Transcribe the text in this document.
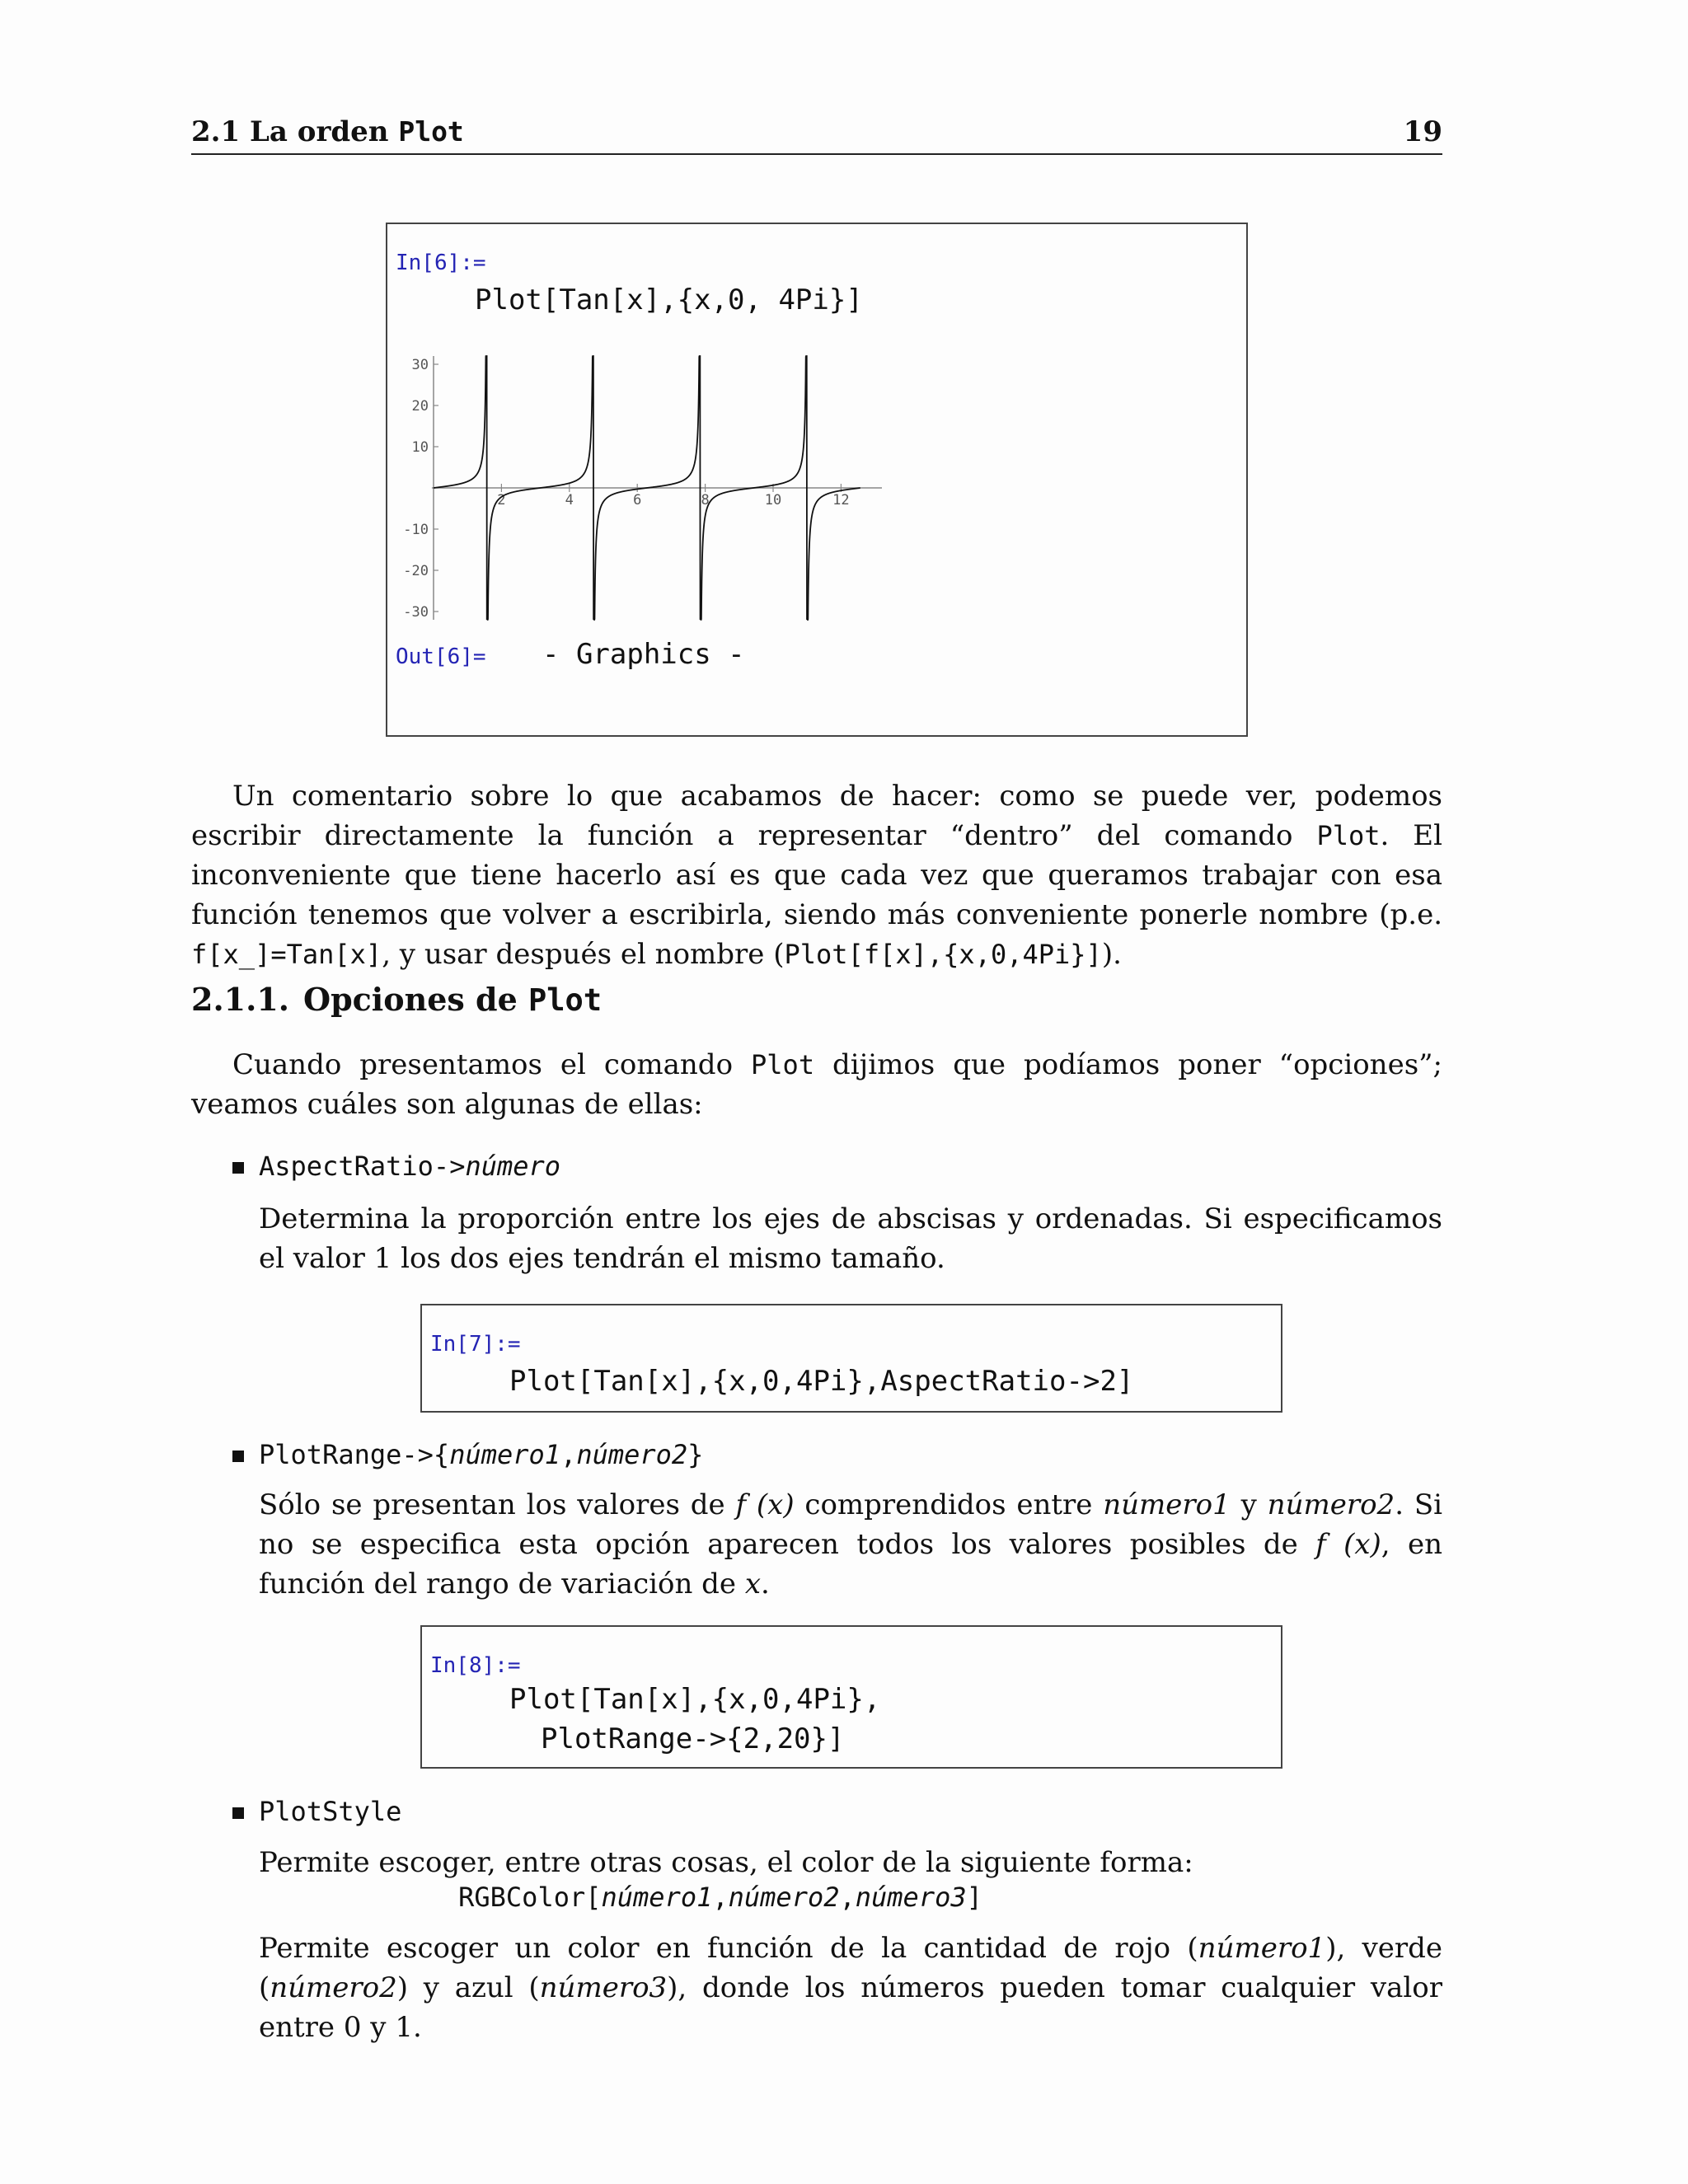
2.1 La orden Plot	19
In[6]:=
Plot[Tan[x],{x,0, 4Pi}]
2	4	6	8	10	12
30
20
10
-10
-20
-30
Out[6]= - Graphics -
Un comentario sobre lo que acabamos de hacer: como se puede ver, podemos escribir directamente la función a representar “dentro” del comando Plot. El inconveniente que tiene hacerlo así es que cada vez que queramos trabajar con esa función tenemos que volver a escribirla, siendo más conveniente ponerle nombre (p.e. f[x_]=Tan[x], y usar después el nombre (Plot[f[x],{x,0,4Pi}]).
2.1.1. Opciones de Plot
Cuando presentamos el comando Plot dijimos que podíamos poner “opciones”; veamos cuáles son algunas de ellas:
AspectRatio->número
Determina la proporción entre los ejes de abscisas y ordenadas. Si especificamos el valor 1 los dos ejes tendrán el mismo tamaño.
In[7]:=
Plot[Tan[x],{x,0,4Pi},AspectRatio->2]
PlotRange->{número1,número2}
Sólo se presentan los valores de f (x) comprendidos entre número1 y número2. Si no se especifica esta opción aparecen todos los valores posibles de f (x), en función del rango de variación de x.
In[8]:=
Plot[Tan[x],{x,0,4Pi},
PlotRange->{2,20}]
PlotStyle
Permite escoger, entre otras cosas, el color de la siguiente forma:
RGBColor[número1,número2,número3]
Permite escoger un color en función de la cantidad de rojo (número1), verde (número2) y azul (número3), donde los números pueden tomar cualquier valor entre 0 y 1.
